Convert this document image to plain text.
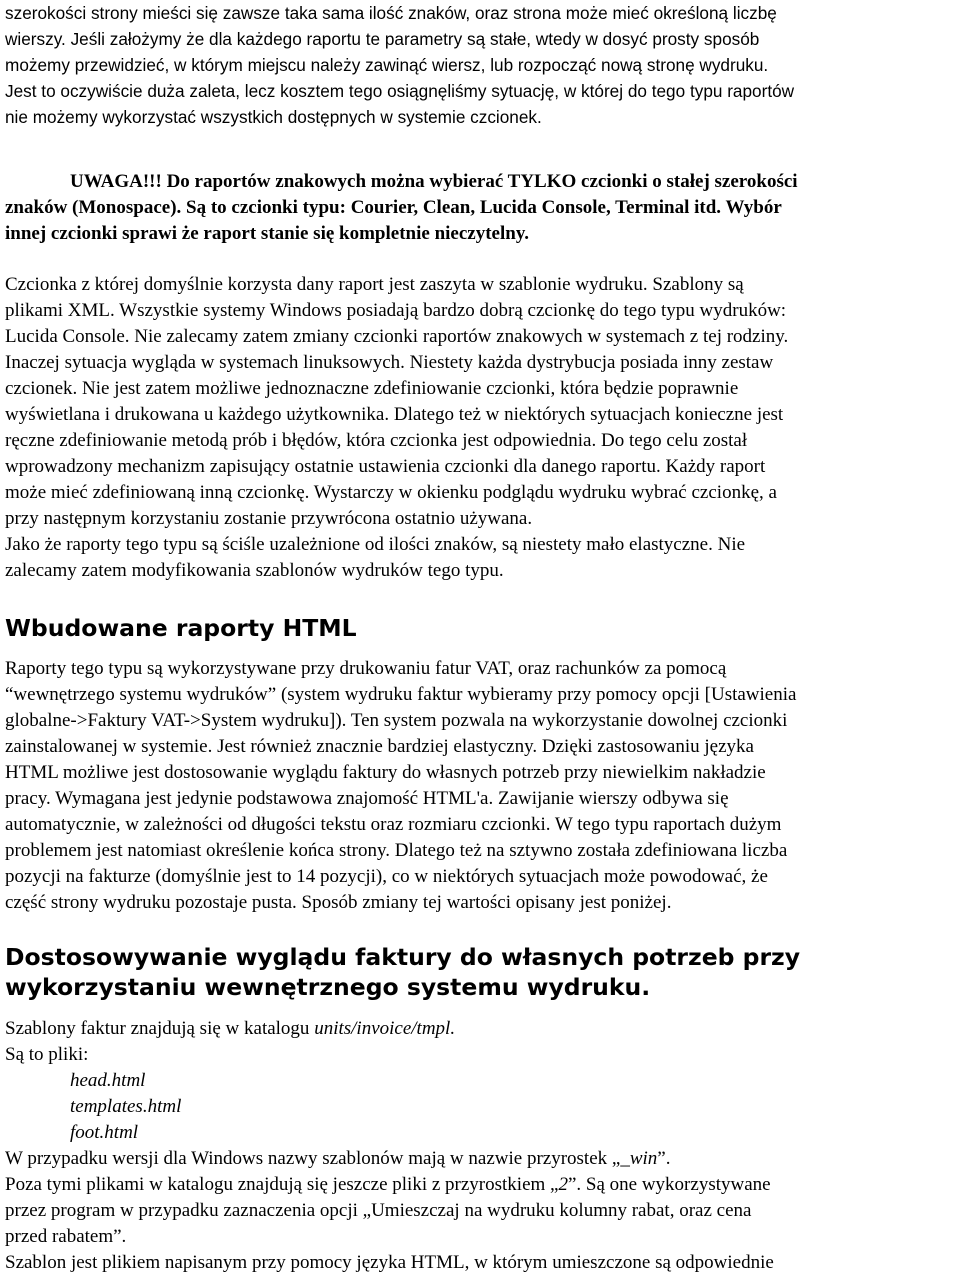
szerokości strony mieści się zawsze taka sama ilość znaków, oraz strona może mieć określoną liczbę
wierszy. Jeśli założymy że dla każdego raportu te parametry są stałe, wtedy w dosyć prosty sposób
możemy przewidzieć, w którym miejscu należy zawinąć wiersz, lub rozpocząć nową stronę wydruku.
Jest to oczywiście duża zaleta, lecz kosztem tego osiągnęliśmy sytuację, w której do tego typu raportów
nie możemy wykorzystać wszystkich dostępnych w systemie czcionek.

UWAGA!!! Do raportów znakowych można wybierać TYLKO czcionki o stałej szerokości
znaków (Monospace). Są to czcionki typu: Courier, Clean, Lucida Console, Terminal itd. Wybór
innej czcionki sprawi że raport stanie się kompletnie nieczytelny.

Czcionka z której domyślnie korzysta dany raport jest zaszyta w szablonie wydruku. Szablony są
plikami XML. Wszystkie systemy Windows posiadają bardzo dobrą czcionkę do tego typu wydruków:
Lucida Console. Nie zalecamy zatem zmiany czcionki raportów znakowych w systemach z tej rodziny.
Inaczej sytuacja wygląda w systemach linuksowych. Niestety każda dystrybucja posiada inny zestaw
czcionek. Nie jest zatem możliwe jednoznaczne zdefiniowanie czcionki, która będzie poprawnie
wyświetlana i drukowana u każdego użytkownika. Dlatego też w niektórych sytuacjach konieczne jest
ręczne zdefiniowanie metodą prób i błędów, która czcionka jest odpowiednia. Do tego celu został
wprowadzony mechanizm zapisujący ostatnie ustawienia czcionki dla danego raportu. Każdy raport
może mieć zdefiniowaną inną czcionkę. Wystarczy w okienku podglądu wydruku wybrać czcionkę, a
przy następnym korzystaniu zostanie przywrócona ostatnio używana.
Jako że raporty tego typu są ściśle uzależnione od ilości znaków, są niestety mało elastyczne. Nie
zalecamy zatem modyfikowania szablonów wydruków tego typu.

Wbudowane raporty HTML

Raporty tego typu są wykorzystywane przy drukowaniu fatur VAT, oraz rachunków za pomocą
“wewnętrzego systemu wydruków” (system wydruku faktur wybieramy przy pomocy opcji [Ustawienia
globalne->Faktury VAT->System wydruku]). Ten system pozwala na wykorzystanie dowolnej czcionki
zainstalowanej w systemie. Jest również znacznie bardziej elastyczny. Dzięki zastosowaniu języka
HTML możliwe jest dostosowanie wyglądu faktury do własnych potrzeb przy niewielkim nakładzie
pracy. Wymagana jest jedynie podstawowa znajomość HTML'a. Zawijanie wierszy odbywa się
automatycznie, w zależności od długości tekstu oraz rozmiaru czcionki. W tego typu raportach dużym
problemem jest natomiast określenie końca strony. Dlatego też na sztywno została zdefiniowana liczba
pozycji na fakturze (domyślnie jest to 14 pozycji), co w niektórych sytuacjach może powodować, że
część strony wydruku pozostaje pusta. Sposób zmiany tej wartości opisany jest poniżej.

Dostosowywanie wyglądu faktury do własnych potrzeb przy
wykorzystaniu wewnętrznego systemu wydruku.
Szablony faktur znajdują się w katalogu units/invoice/tmpl.
Są to pliki:
head.html
templates.html
foot.html
W przypadku wersji dla Windows nazwy szablonów mają w nazwie przyrostek „_win”.
Poza tymi plikami w katalogu znajdują się jeszcze pliki z przyrostkiem „2”. Są one wykorzystywane
przez program w przypadku zaznaczenia opcji „Umieszczaj na wydruku kolumny rabat, oraz cena
przed rabatem”.
Szablon jest plikiem napisanym przy pomocy języka HTML, w którym umieszczone są odpowiednie
